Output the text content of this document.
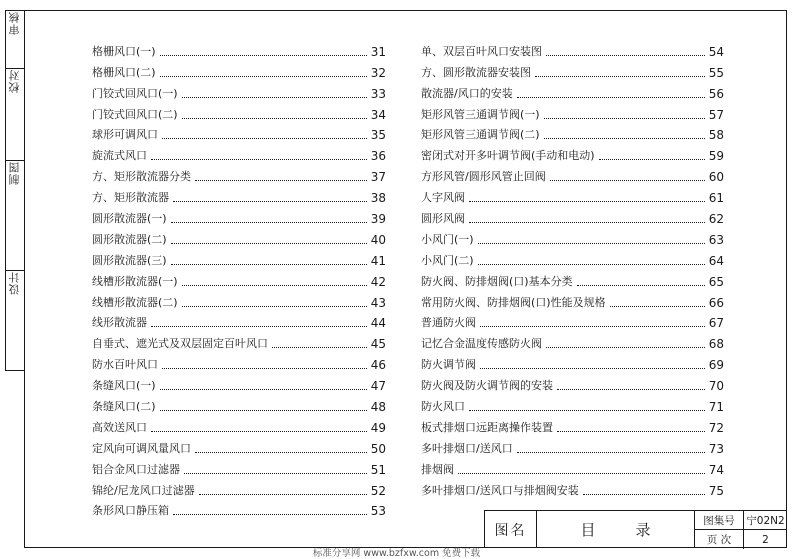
审核
校对
制图
设计
格栅风口(一)	31
格栅风口(二)	32
门铰式回风口(一)	33
门铰式回风口(二)	34
球形可调风口	35
旋流式风口	36
方、矩形散流器分类	37
方、矩形散流器	38
圆形散流器(一)	39
圆形散流器(二)	40
圆形散流器(三)	41
线槽形散流器(一)	42
线槽形散流器(二)	43
线形散流器	44
自垂式、遮光式及双层固定百叶风口	45
防水百叶风口	46
条缝风口(一)	47
条缝风口(二)	48
高效送风口	49
定风向可调风量风口	50
铝合金风口过滤器	51
锦纶/尼龙风口过滤器	52
条形风口静压箱	53
单、双层百叶风口安装图	54
方、圆形散流器安装图	55
散流器/风口的安装	56
矩形风管三通调节阀(一)	57
矩形风管三通调节阀(二)	58
密闭式对开多叶调节阀(手动和电动)	59
方形风管/圆形风管止回阀	60
人字风阀	61
圆形风阀	62
小风门(一)	63
小风门(二)	64
防火阀、防排烟阀(口)基本分类	65
常用防火阀、防排烟阀(口)性能及规格	66
普通防火阀	67
记忆合金温度传感防火阀	68
防火调节阀	69
防火阀及防火调节阀的安装	70
防火风口	71
板式排烟口远距离操作装置	72
多叶排烟口/送风口	73
排烟阀	74
多叶排烟口/送风口与排烟阀安装	75
图名	目录
图集号	宁02N2
页 次	2
标准分享网 www.bzfxw.com 免费下载
